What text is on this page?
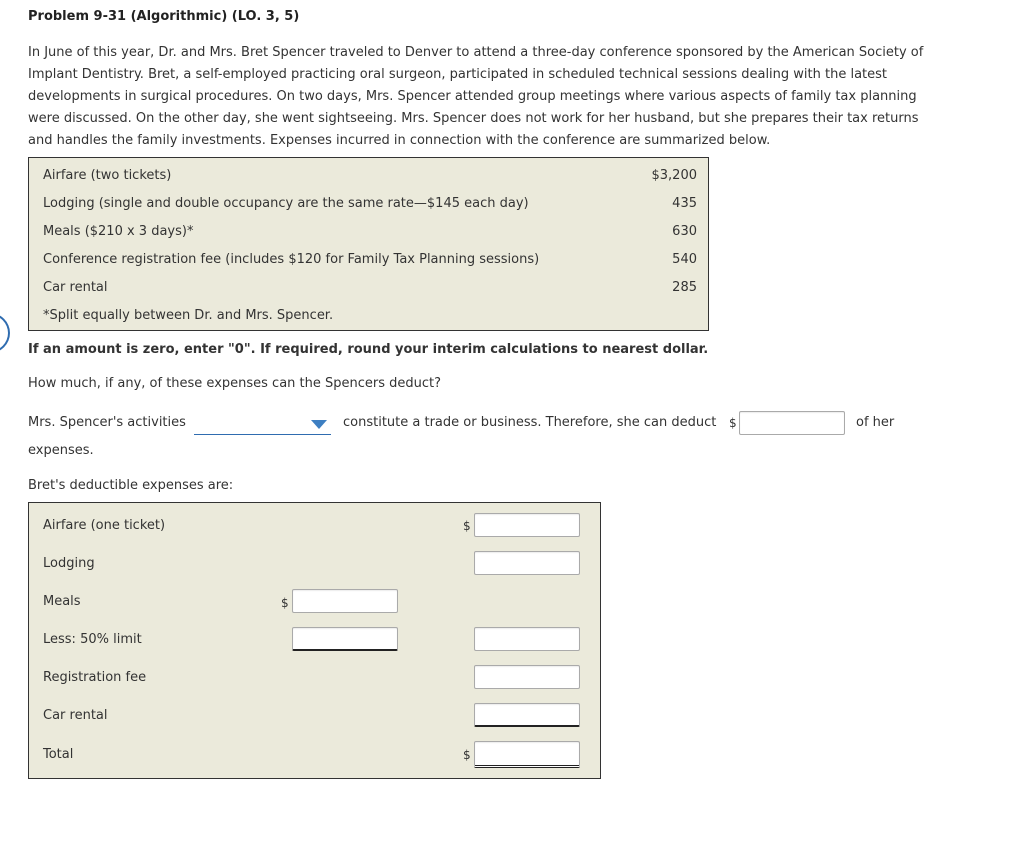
Problem 9-31 (Algorithmic) (LO. 3, 5)

In June of this year, Dr. and Mrs. Bret Spencer traveled to Denver to attend a three-day conference sponsored by the American Society of

Implant Dentistry. Bret, a self-employed practicing oral surgeon, participated in scheduled technical sessions dealing with the latest

developments in surgical procedures. On two days, Mrs. Spencer attended group meetings where various aspects of family tax planning

were discussed. On the other day, she went sightseeing. Mrs. Spencer does not work for her husband, but she prepares their tax returns

and handles the family investments. Expenses incurred in connection with the conference are summarized below.

Airfare (two tickets)	$3,200
Lodging (single and double occupancy are the same rate—$145 each day)	435
Meals ($210 x 3 days)*	630
Conference registration fee (includes $120 for Family Tax Planning sessions)	540
Car rental	285
*Split equally between Dr. and Mrs. Spencer.
If an amount is zero, enter "0". If required, round your interim calculations to nearest dollar.
How much, if any, of these expenses can the Spencers deduct?
Mrs. Spencer's activities	constitute a trade or business. Therefore, she can deduct $	of her
expenses.
Bret's deductible expenses are:
Airfare (one ticket)	$
Lodging
Meals	$
Less: 50% limit
Registration fee
Car rental
Total	$
